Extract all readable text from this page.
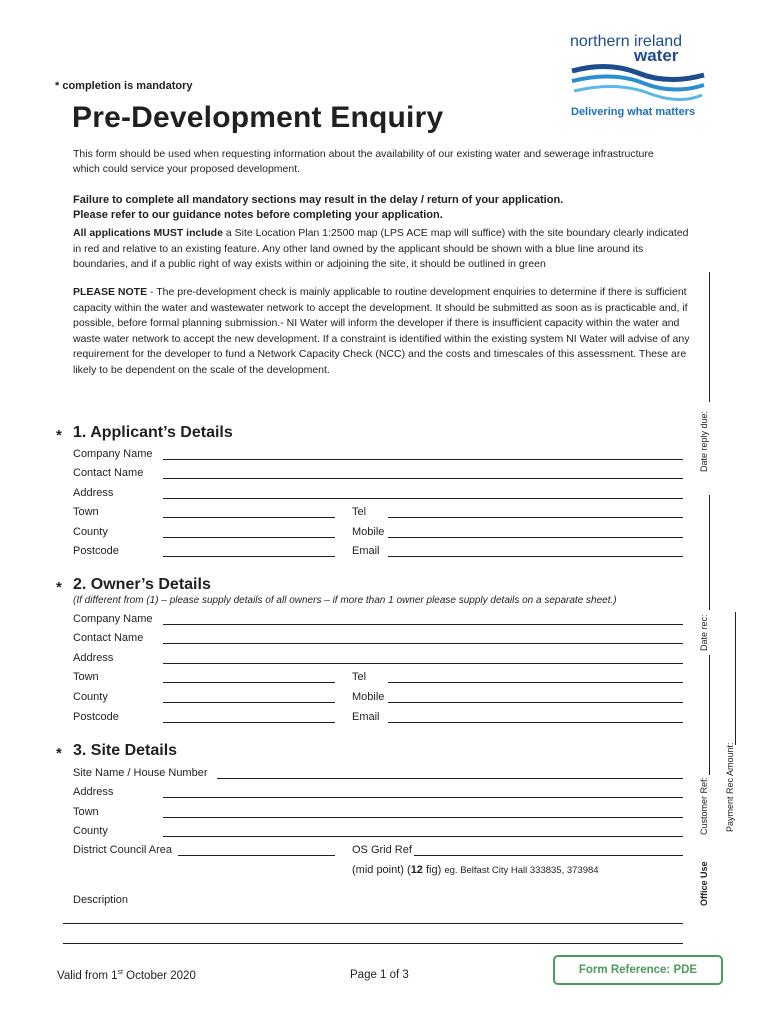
* completion is mandatory
Pre-Development Enquiry
northern ireland
water
Delivering what matters
This form should be used when requesting information about the availability of our existing water and sewerage infrastructure which could service your proposed development.
Failure to complete all mandatory sections may result in the delay / return of your application.
Please refer to our guidance notes before completing your application.
All applications MUST include a Site Location Plan 1:2500 map (LPS ACE map will suffice) with the site boundary clearly indicated in red and relative to an existing feature. Any other land owned by the applicant should be shown with a blue line around its boundaries, and if a public right of way exists within or adjoining the site, it should be outlined in green
PLEASE NOTE - The pre-development check is mainly applicable to routine development enquiries to determine if there is sufficient capacity within the water and wastewater network to accept the development. It should be submitted as soon as is practicable and, if possible, before formal planning submission.- NI Water will inform the developer if there is insufficient capacity within the water and waste water network to accept the new development. If a constraint is identified within the existing system NI Water will advise of any requirement for the developer to fund a Network Capacity Check (NCC) and the costs and timescales of this assessment. These are likely to be dependent on the scale of the development.
* 1. Applicant’s Details
Company Name
Contact Name
Address
Town	Tel
County	Mobile
Postcode	Email
* 2. Owner’s Details
(If different from (1) – please supply details of all owners – if more than 1 owner please supply details on a separate sheet.)
Company Name
Contact Name
Address
Town	Tel
County	Mobile
Postcode	Email
* 3. Site Details
Site Name / House Number
Address
Town
County
District Council Area	OS Grid Ref
(mid point) (12 fig) eg. Belfast City Hall 333835, 373984
Description
Date reply due:
Date rec:
Customer Ref: Payment Rec Amount:
Office Use
Valid from 1st October 2020	Page 1 of 3	Form Reference: PDE
